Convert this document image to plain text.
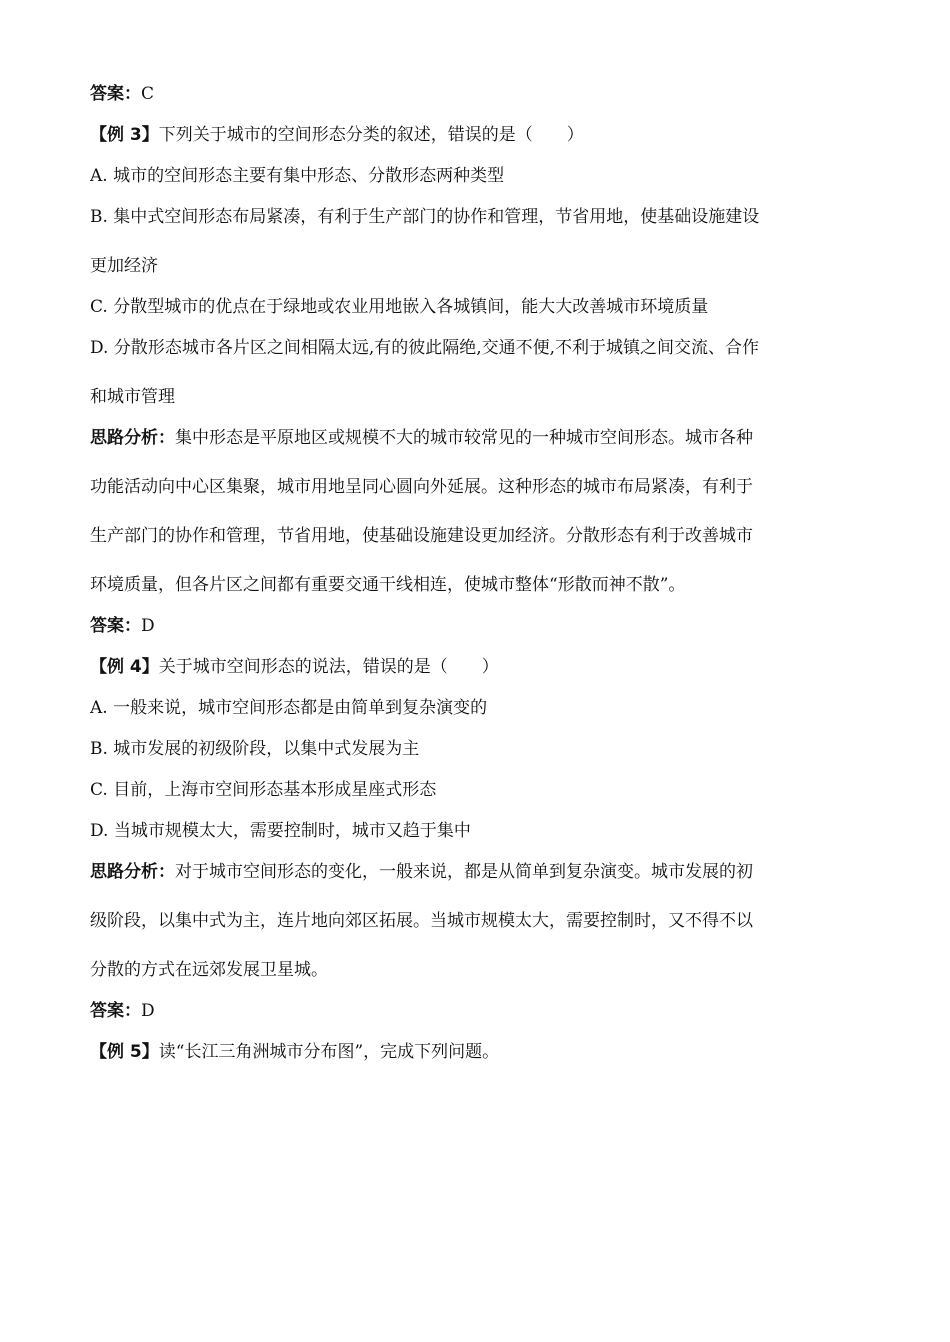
答案：C
【例 3】下列关于城市的空间形态分类的叙述，错误的是（　　）
A. 城市的空间形态主要有集中形态、分散形态两种类型
B. 集中式空间形态布局紧凑，有利于生产部门的协作和管理，节省用地，使基础设施建设
更加经济
C. 分散型城市的优点在于绿地或农业用地嵌入各城镇间，能大大改善城市环境质量
D. 分散形态城市各片区之间相隔太远,有的彼此隔绝,交通不便,不利于城镇之间交流、合作
和城市管理
思路分析：集中形态是平原地区或规模不大的城市较常见的一种城市空间形态。城市各种
功能活动向中心区集聚，城市用地呈同心圆向外延展。这种形态的城市布局紧凑，有利于
生产部门的协作和管理，节省用地，使基础设施建设更加经济。分散形态有利于改善城市
环境质量，但各片区之间都有重要交通干线相连，使城市整体“形散而神不散”。
答案：D
【例 4】关于城市空间形态的说法，错误的是（　　）
A. 一般来说，城市空间形态都是由简单到复杂演变的
B. 城市发展的初级阶段，以集中式发展为主
C. 目前，上海市空间形态基本形成星座式形态
D. 当城市规模太大，需要控制时，城市又趋于集中
思路分析：对于城市空间形态的变化，一般来说，都是从简单到复杂演变。城市发展的初
级阶段，以集中式为主，连片地向郊区拓展。当城市规模太大，需要控制时，又不得不以
分散的方式在远郊发展卫星城。
答案：D
【例 5】读“长江三角洲城市分布图”，完成下列问题。
